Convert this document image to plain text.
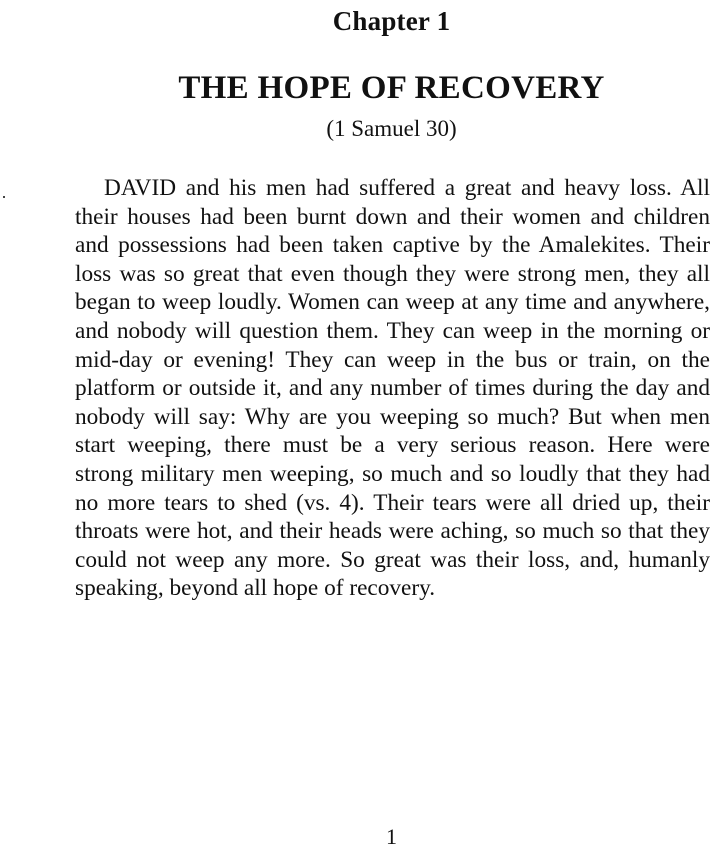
Chapter 1
THE HOPE OF RECOVERY
(1 Samuel 30)

DAVID and his men had suffered a great and heavy loss. All their houses had been burnt down and their women and children and possessions had been taken captive by the Amalekites. Their loss was so great that even though they were strong men, they all began to weep loudly. Women can weep at any time and anywhere, and nobody will question them. They can weep in the morning or mid-day or evening! They can weep in the bus or train, on the platform or outside it, and any number of times during the day and nobody will say: Why are you weeping so much? But when men start weeping, there must be a very serious reason. Here were strong military men weeping, so much and so loudly that they had no more tears to shed (vs. 4). Their tears were all dried up, their throats were hot, and their heads were aching, so much so that they could not weep any more. So great was their loss, and, humanly speaking, beyond all hope of recovery.

1
